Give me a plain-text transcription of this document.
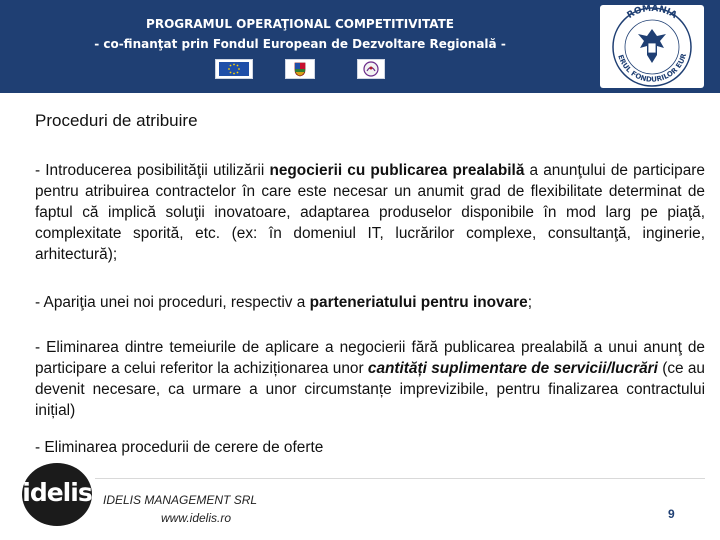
PROGRAMUL OPERAŢIONAL COMPETITIVITATE
- co-finanţat prin Fondul European de Dezvoltare Regională -
ROMÂNIA
ERUL FONDURILOR EUR
Proceduri de atribuire
- Introducerea posibilităţii utilizării negocierii cu publicarea prealabilă a anunţului de participare pentru atribuirea contractelor în care este necesar un anumit grad de flexibilitate determinat de faptul că implică soluţii inovatoare, adaptarea produselor disponibile în mod larg pe piaţă, complexitate sporită, etc. (ex: în domeniul IT, lucrărilor complexe, consultanţă, inginerie, arhitectură);
- Apariţia unei noi proceduri, respectiv a parteneriatului pentru inovare;
- Eliminarea dintre temeiurile de aplicare a negocierii fără publicarea prealabilă a unui anunţ de participare a celui referitor la achiziționarea unor cantități suplimentare de servicii/lucrări (ce au devenit necesare, ca urmare a unor circumstanțe imprevizibile, pentru finalizarea contractului inițial)
- Eliminarea procedurii de cerere de oferte
idelis IDELIS MANAGEMENT SRL
www.idelis.ro	9
